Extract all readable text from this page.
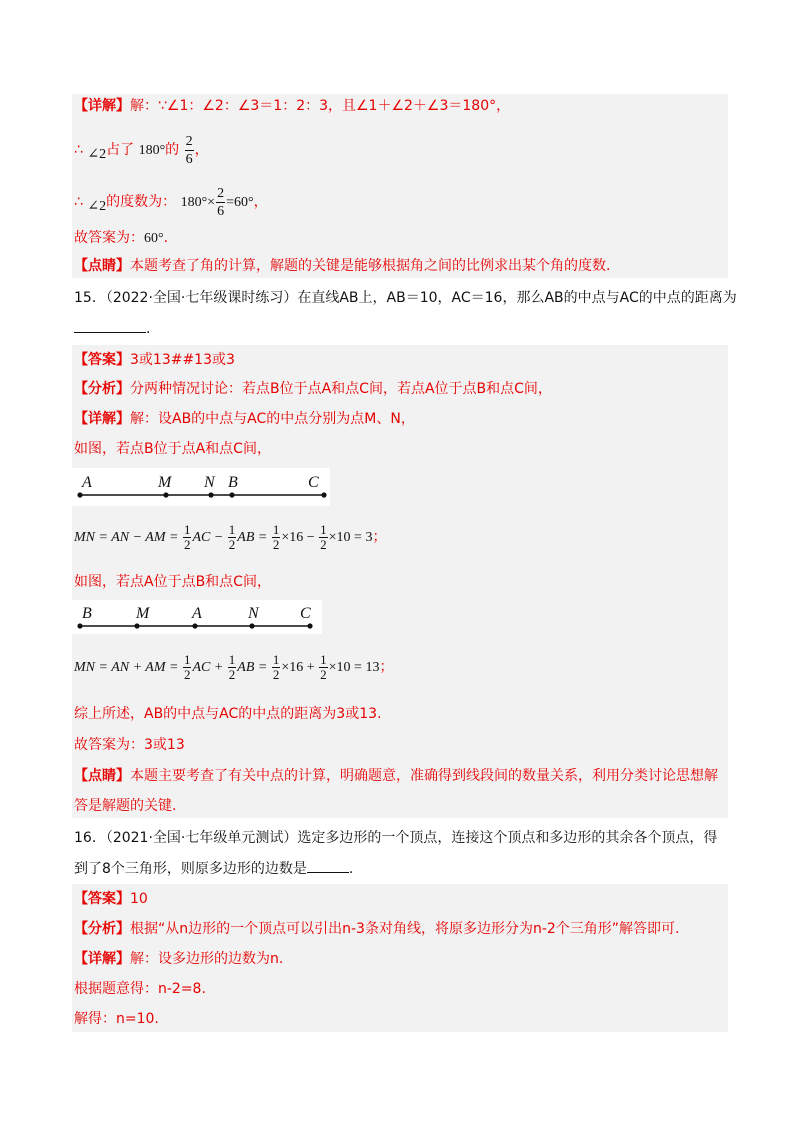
【详解】解：∵∠1：∠2：∠3＝1：2：3，且∠1＋∠2＋∠3＝180°，
∴ ∠2占了 180°的 $\frac{2}{6}$ ，
∴ ∠2的度数为： $180^\circ\times \frac{2}{6} =60^\circ$，
故答案为：60°.
【点睛】本题考查了角的计算，解题的关键是能够根据角之间的比例求出某个角的度数.
15．（2022·全国·七年级课时练习）在直线AB上，AB＝10，AC＝16，那么AB的中点与AC的中点的距离为
.
【答案】3或13##13或3
【分析】分两种情况讨论：若点B位于点A和点C间，若点A位于点B和点C间，
【详解】解：设AB的中点与AC的中点分别为点M、N，
如图，若点B位于点A和点C间，
A	M N B	C
MN = AN − AM = $\frac{1}{2}$ AC − $\frac{1}{2}$ AB = $\frac{1}{2} \times 16 - \frac{1}{2} \times 10 = 3$；
如图，若点A位于点B和点C间，
B	M	A	N	C
MN = AN + AM = $\frac{1}{2}$ AC + $\frac{1}{2}$ AB = $\frac{1}{2} \times 16 + \frac{1}{2} \times 10 = 13$；
综上所述，AB的中点与AC的中点的距离为3或13.
故答案为：3或13
【点睛】本题主要考查了有关中点的计算，明确题意，准确得到线段间的数量关系，利用分类讨论思想解
答是解题的关键.
16．（2021·全国·七年级单元测试）选定多边形的一个顶点，连接这个顶点和多边形的其余各个顶点，得
到了8个三角形，则原多边形的边数是	.
【答案】10
【分析】根据“从n边形的一个顶点可以引出n-3条对角线，将原多边形分为n-2个三角形”解答即可.
【详解】解：设多边形的边数为n.
根据题意得：n-2=8.
解得：n=10.
